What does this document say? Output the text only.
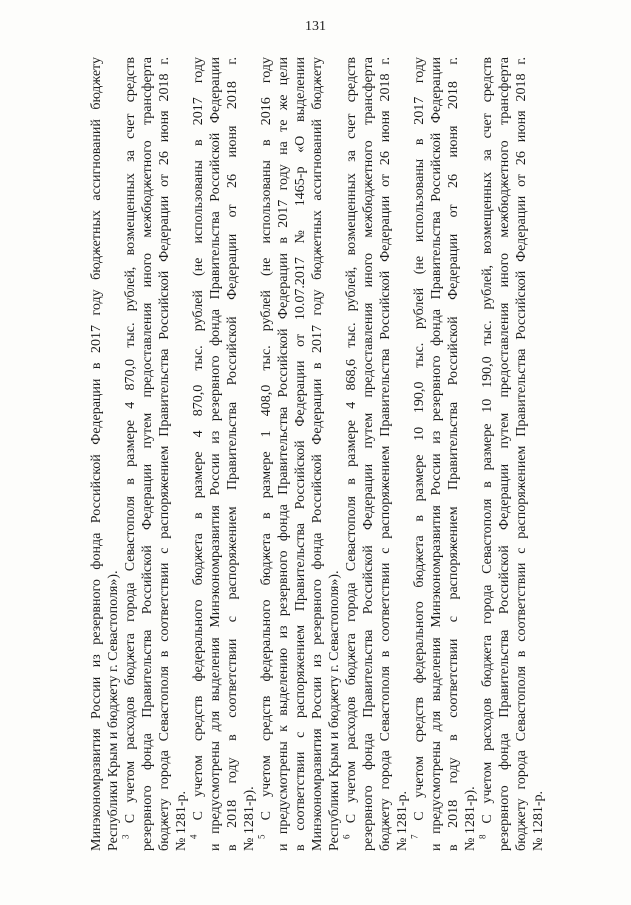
131
Минэкономразвития России из резервного фонда Российской Федерации в 2017 году бюджетных ассигнований бюджету Республики Крым и бюджету г. Севастополя»). $^3$ С учетом расходов бюджета города Севастополя в размере 4 870,0 тыс. рублей, возмещенных за счет средств резервного фонда Правительства Российской Федерации путем предоставления иного межбюджетного трансферта бюджету города Севастополя в соответствии с распоряжением Правительства Российской Федерации от 26 июня 2018 г. № 1281-р. $^4$ С учетом средств федерального бюджета в размере 4 870,0 тыс. рублей (не использованы в 2017 году и предусмотрены для выделения Минэкономразвития России из резервного фонда Правительства Российской Федерации в 2018 году в соответствии с распоряжением Правительства Российской Федерации от 26 июня 2018 г. № 1281-р). $^5$ С учетом средств федерального бюджета в размере 1 408,0 тыс. рублей (не использованы в 2016 году и предусмотрены к выделению из резервного фонда Правительства Российской Федерации в 2017 году на те же цели в соответствии с распоряжением Правительства Российской Федерации от 10.07.2017 № 1465-р «О выделении Минэкономразвития России из резервного фонда Российской Федерации в 2017 году бюджетных ассигнований бюджету Республики Крым и бюджету г. Севастополя»). $^6$ С учетом расходов бюджета города Севастополя в размере 4 868,6 тыс. рублей, возмещенных за счет средств резервного фонда Правительства Российской Федерации путем предоставления иного межбюджетного трансферта бюджету города Севастополя в соответствии с распоряжением Правительства Российской Федерации от 26 июня 2018 г. № 1281-р. $^7$ С учетом средств федерального бюджета в размере 10 190,0 тыс. рублей (не использованы в 2017 году и предусмотрены для выделения Минэкономразвития России из резервного фонда Правительства Российской Федерации в 2018 году в соответствии с распоряжением Правительства Российской Федерации от 26 июня 2018 г. № 1281-р). $^8$ С учетом расходов бюджета города Севастополя в размере 10 190,0 тыс. рублей, возмещенных за счет средств резервного фонда Правительства Российской Федерации путем предоставления иного межбюджетного трансферта бюджету города Севастополя в соответствии с распоряжением Правительства Российской Федерации от 26 июня 2018 г. № 1281-р.
